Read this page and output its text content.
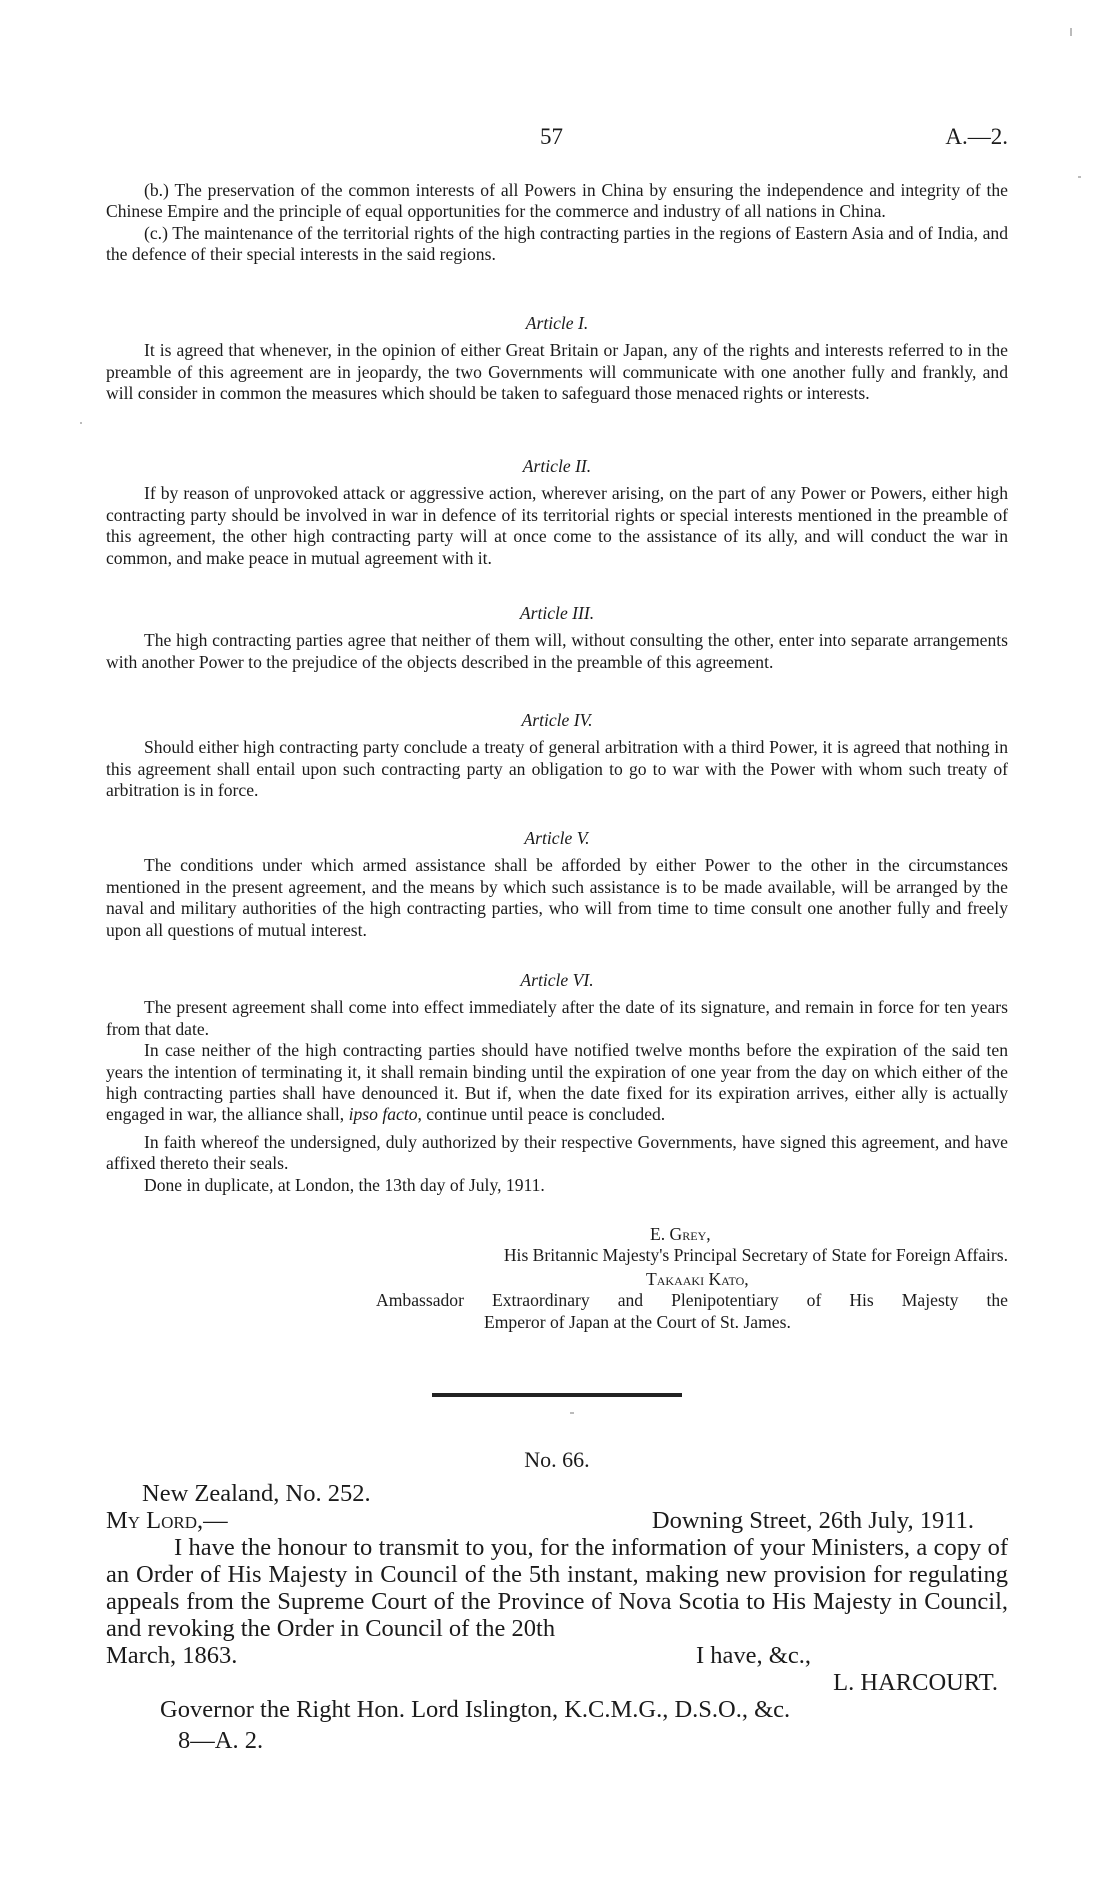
57	A.—2.

(b.) The preservation of the common interests of all Powers in China by ensuring the independence and integrity of the Chinese Empire and the principle of equal opportunities for the commerce and industry of all nations in China.

(c.) The maintenance of the territorial rights of the high contracting parties in the regions of Eastern Asia and of India, and the defence of their special interests in the said regions.

Article I.

It is agreed that whenever, in the opinion of either Great Britain or Japan, any of the rights and interests referred to in the preamble of this agreement are in jeopardy, the two Governments will communicate with one another fully and frankly, and will consider in common the measures which should be taken to safeguard those menaced rights or interests.

Article II.

If by reason of unprovoked attack or aggressive action, wherever arising, on the part of any Power or Powers, either high contracting party should be involved in war in defence of its territorial rights or special interests mentioned in the preamble of this agreement, the other high contracting party will at once come to the assistance of its ally, and will conduct the war in common, and make peace in mutual agreement with it.

Article III.

The high contracting parties agree that neither of them will, without consulting the other, enter into separate arrangements with another Power to the prejudice of the objects described in the preamble of this agreement.

Article IV.

Should either high contracting party conclude a treaty of general arbitration with a third Power, it is agreed that nothing in this agreement shall entail upon such contracting party an obligation to go to war with the Power with whom such treaty of arbitration is in force.

Article V.

The conditions under which armed assistance shall be afforded by either Power to the other in the circumstances mentioned in the present agreement, and the means by which such assistance is to be made available, will be arranged by the naval and military authorities of the high contracting parties, who will from time to time consult one another fully and freely upon all questions of mutual interest.

Article VI.

The present agreement shall come into effect immediately after the date of its signature, and remain in force for ten years from that date.

In case neither of the high contracting parties should have notified twelve months before the expiration of the said ten years the intention of terminating it, it shall remain binding until the expiration of one year from the day on which either of the high contracting parties shall have denounced it. But if, when the date fixed for its expiration arrives, either ally is actually engaged in war, the alliance shall, ipso facto, continue until peace is concluded.

In faith whereof the undersigned, duly authorized by their respective Governments, have signed this agreement, and have affixed thereto their seals.

Done in duplicate, at London, the 13th day of July, 1911.

E. Grey,

His Britannic Majesty's Principal Secretary of State for Foreign Affairs.

Takaaki Kato,

Ambassador Extraordinary and Plenipotentiary of His Majesty the

Emperor of Japan at the Court of St. James.

No. 66.

New Zealand, No. 252.

My Lord,—	Downing Street, 26th July, 1911.

I have the honour to transmit to you, for the information of your Ministers, a copy of an Order of His Majesty in Council of the 5th instant, making new provision for regulating appeals from the Supreme Court of the Province of Nova Scotia to His Majesty in Council, and revoking the Order in Council of the 20th

March, 1863.	I have, &c.,

L. HARCOURT.

Governor the Right Hon. Lord Islington, K.C.M.G., D.S.O., &c.

8—A. 2.
